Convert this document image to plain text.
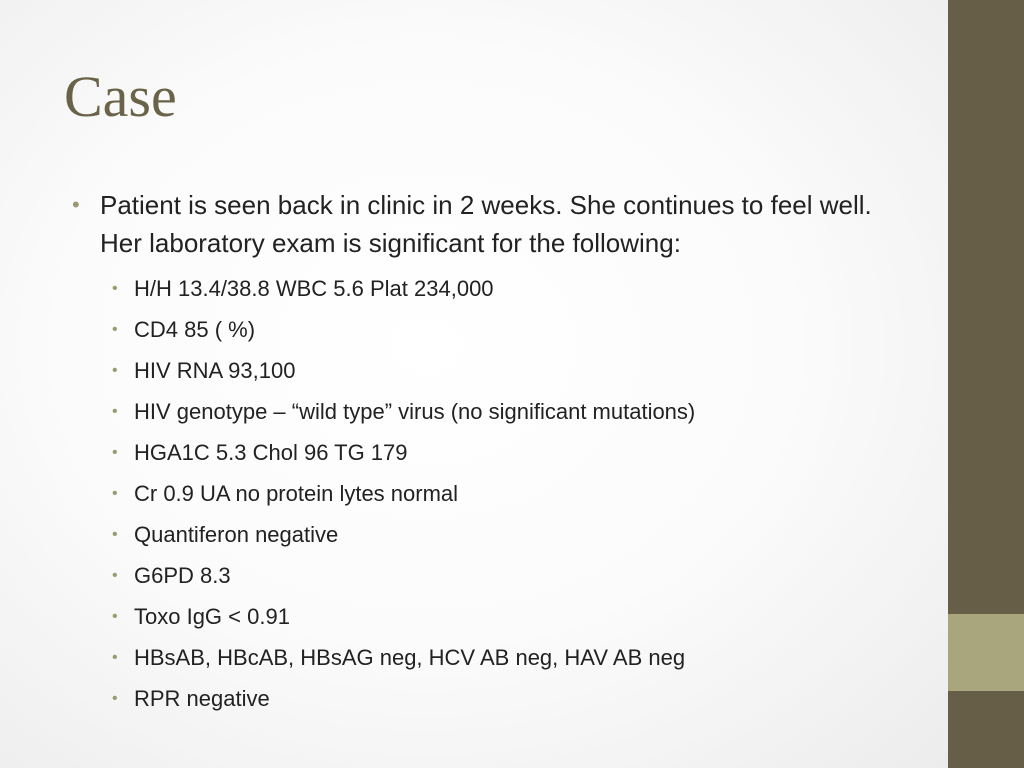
Case

• Patient is seen back in clinic in 2 weeks. She continues to feel well. Her laboratory exam is significant for the following:

• H/H 13.4/38.8 WBC 5.6 Plat 234,000
• CD4 85 ( %)
• HIV RNA 93,100
• HIV genotype – “wild type” virus (no significant mutations)
• HGA1C 5.3 Chol 96 TG 179
• Cr 0.9 UA no protein lytes normal
• Quantiferon negative
• G6PD 8.3
• Toxo IgG < 0.91
• HBsAB, HBcAB, HBsAG neg, HCV AB neg, HAV AB neg
• RPR negative
